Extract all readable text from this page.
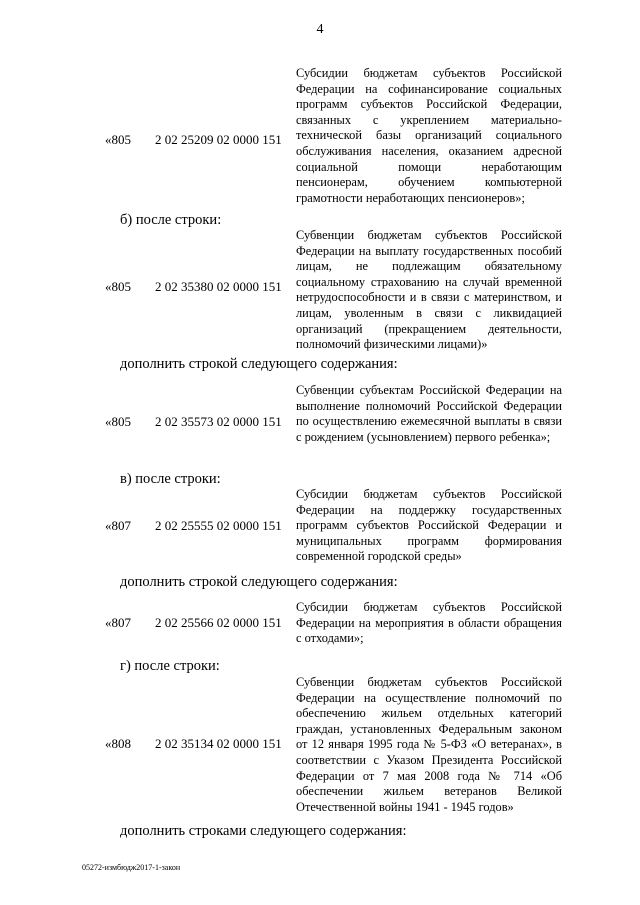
4
«805 2 02 25209 02 0000 151
Субсидии бюджетам субъектов Российской Федерации на софинансирование социальных программ субъектов Российской Федерации, связанных с укреплением материально-технической базы организаций социального обслуживания населения, оказанием адресной социальной помощи неработающим пенсионерам, обучением компьютерной грамотности неработающих пенсионеров»;
б) после строки:
«805 2 02 35380 02 0000 151
Субвенции бюджетам субъектов Российской Федерации на выплату государственных пособий лицам, не подлежащим обязательному социальному страхованию на случай временной нетрудоспособности и в связи с материнством, и лицам, уволенным в связи с ликвидацией организаций (прекращением деятельности, полномочий физическими лицами)»
дополнить строкой следующего содержания:
«805 2 02 35573 02 0000 151
Субвенции субъектам Российской Федерации на выполнение полномочий Российской Федерации по осуществлению ежемесячной выплаты в связи с рождением (усыновлением) первого ребенка»;
в) после строки:
«807 2 02 25555 02 0000 151
Субсидии бюджетам субъектов Российской Федерации на поддержку государственных программ субъектов Российской Федерации и муниципальных программ формирования современной городской среды»
дополнить строкой следующего содержания:
«807 2 02 25566 02 0000 151
Субсидии бюджетам субъектов Российской Федерации на мероприятия в области обращения с отходами»;
г) после строки:
«808 2 02 35134 02 0000 151
Субвенции бюджетам субъектов Российской Федерации на осуществление полномочий по обеспечению жильем отдельных категорий граждан, установленных Федеральным законом от 12 января 1995 года № 5-ФЗ «О ветеранах», в соответствии с Указом Президента Российской Федерации от 7 мая 2008 года № 714 «Об обеспечении жильем ветеранов Великой Отечественной войны 1941 - 1945 годов»
дополнить строками следующего содержания:
05272-измбюдж2017-1-закон
